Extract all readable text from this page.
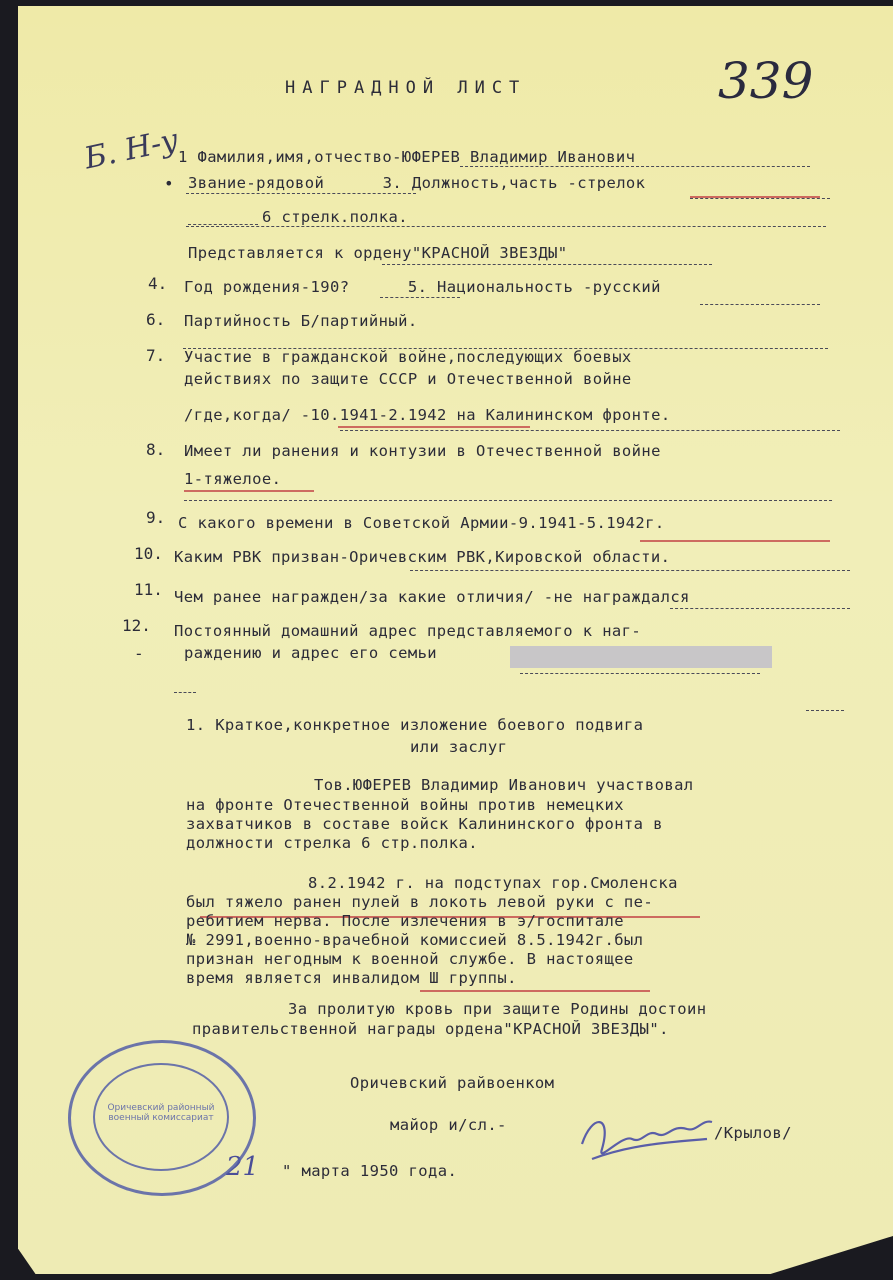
НАГРАДНОЙ ЛИСТ	339
Б. Н-у
1 Фамилия,имя,отчество-ЮФЕРЕВ Владимир Иванович
• Звание-рядовой      3. Должность,часть -стрелок
6 стрелк.полка.
Представляется к ордену"КРАСНОЙ ЗВЕЗДЫ"
4. Год рождения-190?      5. Национальность -русский
6. Партийность Б/партийный.
7. Участие в гражданской войне,последующих боевых
действиях по защите СССР и Отечественной войне
/где,когда/ -10.1941-2.1942 на Калининском фронте.
8. Имеет ли ранения и контузии в Отечественной войне
1-тяжелое.
9. С какого времени в Советской Армии-9.1941-5.1942г.
10. Каким РВК призван-Оричевским РВК,Кировской области.
11. Чем ранее награжден/за какие отличия/ -не награждался
12. Постоянный домашний адрес представляемого к наг-
-	раждению и адрес его семьи
1. Краткое,конкретное изложение боевого подвига
или заслуг
Тов.ЮФЕРЕВ Владимир Иванович участвовал
на фронте Отечественной войны против немецких
захватчиков в составе войск Калининского фронта в
должности стрелка 6 стр.полка.
8.2.1942 г. на подступах гор.Смоленска
был тяжело ранен пулей в локоть левой руки с пе-
ребитием нерва. После излечения в э/госпитале
№ 2991,военно-врачебной комиссией 8.5.1942г.был
признан негодным к военной службе. В настоящее
время является инвалидом Ш группы.
За пролитую кровь при защите Родины достоин
правительственной награды ордена"КРАСНОЙ ЗВЕЗДЫ".
Оричевский райвоенком
майор и/сл.-	/Крылов/
21 " марта 1950 года.
Оричевский районный военный комиссариат
